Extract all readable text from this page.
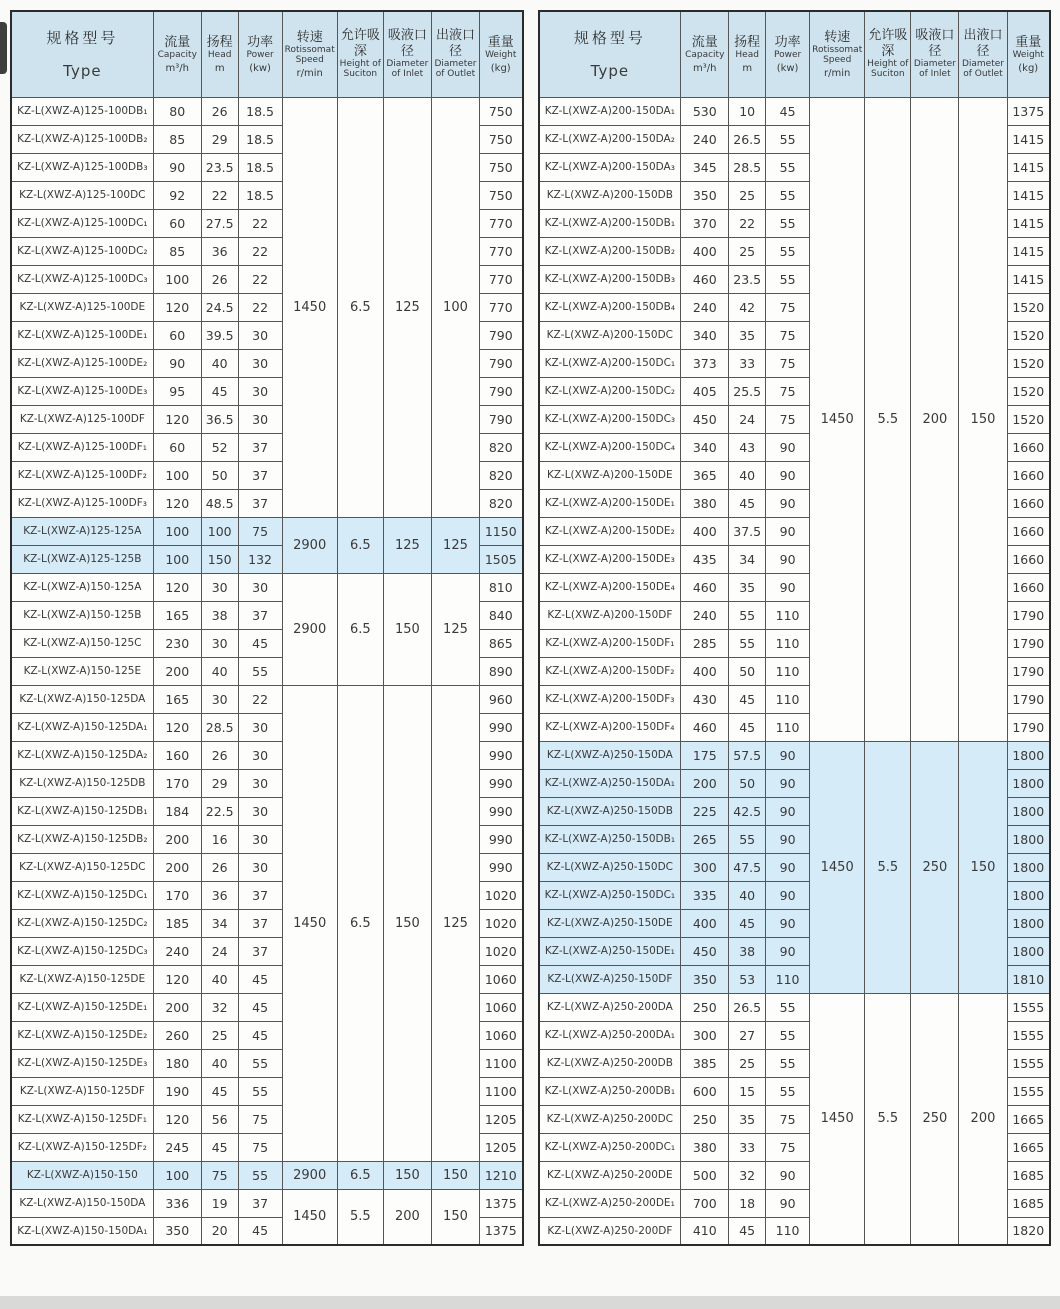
规格型号
Type

流量
Capacity
m³/h

扬程
Head
m

功率
Power
(kw)

转速
Rotissomat Speed
r/min

允许吸深
Height of Suciton

吸液口径
Diameter of Inlet

出液口径
Diameter of Outlet

重量
Weight
(kg)

KZ-L(XWZ-A)125-100DB₁	80	26	18.5	1450	6.5	125	100	750
KZ-L(XWZ-A)125-100DB₂	85	29	18.5					750
KZ-L(XWZ-A)125-100DB₃	90	23.5	18.5					750
KZ-L(XWZ-A)125-100DC	92	22	18.5					750
KZ-L(XWZ-A)125-100DC₁	60	27.5	22					770
KZ-L(XWZ-A)125-100DC₂	85	36	22					770
KZ-L(XWZ-A)125-100DC₃	100	26	22					770
KZ-L(XWZ-A)125-100DE	120	24.5	22					770
KZ-L(XWZ-A)125-100DE₁	60	39.5	30					790
KZ-L(XWZ-A)125-100DE₂	90	40	30					790
KZ-L(XWZ-A)125-100DE₃	95	45	30					790
KZ-L(XWZ-A)125-100DF	120	36.5	30					790
KZ-L(XWZ-A)125-100DF₁	60	52	37					820
KZ-L(XWZ-A)125-100DF₂	100	50	37					820
KZ-L(XWZ-A)125-100DF₃	120	48.5	37					820
KZ-L(XWZ-A)125-125A	100	100	75	2900	6.5	125	125	1150
KZ-L(XWZ-A)125-125B	100	150	132					1505
KZ-L(XWZ-A)150-125A	120	30	30	2900	6.5	150	125	810
KZ-L(XWZ-A)150-125B	165	38	37					840
KZ-L(XWZ-A)150-125C	230	30	45					865
KZ-L(XWZ-A)150-125E	200	40	55					890
KZ-L(XWZ-A)150-125DA	165	30	22	1450	6.5	150	125	960
KZ-L(XWZ-A)150-125DA₁	120	28.5	30					990
KZ-L(XWZ-A)150-125DA₂	160	26	30					990
KZ-L(XWZ-A)150-125DB	170	29	30					990
KZ-L(XWZ-A)150-125DB₁	184	22.5	30					990
KZ-L(XWZ-A)150-125DB₂	200	16	30					990
KZ-L(XWZ-A)150-125DC	200	26	30					990
KZ-L(XWZ-A)150-125DC₁	170	36	37					1020
KZ-L(XWZ-A)150-125DC₂	185	34	37					1020
KZ-L(XWZ-A)150-125DC₃	240	24	37					1020
KZ-L(XWZ-A)150-125DE	120	40	45					1060
KZ-L(XWZ-A)150-125DE₁	200	32	45					1060
KZ-L(XWZ-A)150-125DE₂	260	25	45					1060
KZ-L(XWZ-A)150-125DE₃	180	40	55					1100
KZ-L(XWZ-A)150-125DF	190	45	55					1100
KZ-L(XWZ-A)150-125DF₁	120	56	75					1205
KZ-L(XWZ-A)150-125DF₂	245	45	75					1205
KZ-L(XWZ-A)150-150	100	75	55	2900	6.5	150	150	1210
KZ-L(XWZ-A)150-150DA	336	19	37	1450	5.5	200	150	1375
KZ-L(XWZ-A)150-150DA₁	350	20	45					1375
规格型号
Type

流量
Capacity
m³/h

扬程
Head
m

功率
Power
(kw)

转速
Rotissomat Speed
r/min

允许吸深
Height of Suciton

吸液口径
Diameter of Inlet

出液口径
Diameter of Outlet

重量
Weight
(kg)

KZ-L(XWZ-A)200-150DA₁	530	10	45	1450	5.5	200	150	1375
KZ-L(XWZ-A)200-150DA₂	240	26.5	55					1415
KZ-L(XWZ-A)200-150DA₃	345	28.5	55					1415
KZ-L(XWZ-A)200-150DB	350	25	55					1415
KZ-L(XWZ-A)200-150DB₁	370	22	55					1415
KZ-L(XWZ-A)200-150DB₂	400	25	55					1415
KZ-L(XWZ-A)200-150DB₃	460	23.5	55					1415
KZ-L(XWZ-A)200-150DB₄	240	42	75					1520
KZ-L(XWZ-A)200-150DC	340	35	75					1520
KZ-L(XWZ-A)200-150DC₁	373	33	75					1520
KZ-L(XWZ-A)200-150DC₂	405	25.5	75					1520
KZ-L(XWZ-A)200-150DC₃	450	24	75					1520
KZ-L(XWZ-A)200-150DC₄	340	43	90					1660
KZ-L(XWZ-A)200-150DE	365	40	90					1660
KZ-L(XWZ-A)200-150DE₁	380	45	90					1660
KZ-L(XWZ-A)200-150DE₂	400	37.5	90					1660
KZ-L(XWZ-A)200-150DE₃	435	34	90					1660
KZ-L(XWZ-A)200-150DE₄	460	35	90					1660
KZ-L(XWZ-A)200-150DF	240	55	110					1790
KZ-L(XWZ-A)200-150DF₁	285	55	110					1790
KZ-L(XWZ-A)200-150DF₂	400	50	110					1790
KZ-L(XWZ-A)200-150DF₃	430	45	110					1790
KZ-L(XWZ-A)200-150DF₄	460	45	110					1790
KZ-L(XWZ-A)250-150DA	175	57.5	90	1450	5.5	250	150	1800
KZ-L(XWZ-A)250-150DA₁	200	50	90					1800
KZ-L(XWZ-A)250-150DB	225	42.5	90					1800
KZ-L(XWZ-A)250-150DB₁	265	55	90					1800
KZ-L(XWZ-A)250-150DC	300	47.5	90					1800
KZ-L(XWZ-A)250-150DC₁	335	40	90					1800
KZ-L(XWZ-A)250-150DE	400	45	90					1800
KZ-L(XWZ-A)250-150DE₁	450	38	90					1800
KZ-L(XWZ-A)250-150DF	350	53	110					1810
KZ-L(XWZ-A)250-200DA	250	26.5	55	1450	5.5	250	200	1555
KZ-L(XWZ-A)250-200DA₁	300	27	55					1555
KZ-L(XWZ-A)250-200DB	385	25	55					1555
KZ-L(XWZ-A)250-200DB₁	600	15	55					1555
KZ-L(XWZ-A)250-200DC	250	35	75					1665
KZ-L(XWZ-A)250-200DC₁	380	33	75					1665
KZ-L(XWZ-A)250-200DE	500	32	90					1685
KZ-L(XWZ-A)250-200DE₁	700	18	90					1685
KZ-L(XWZ-A)250-200DF	410	45	110					1820
